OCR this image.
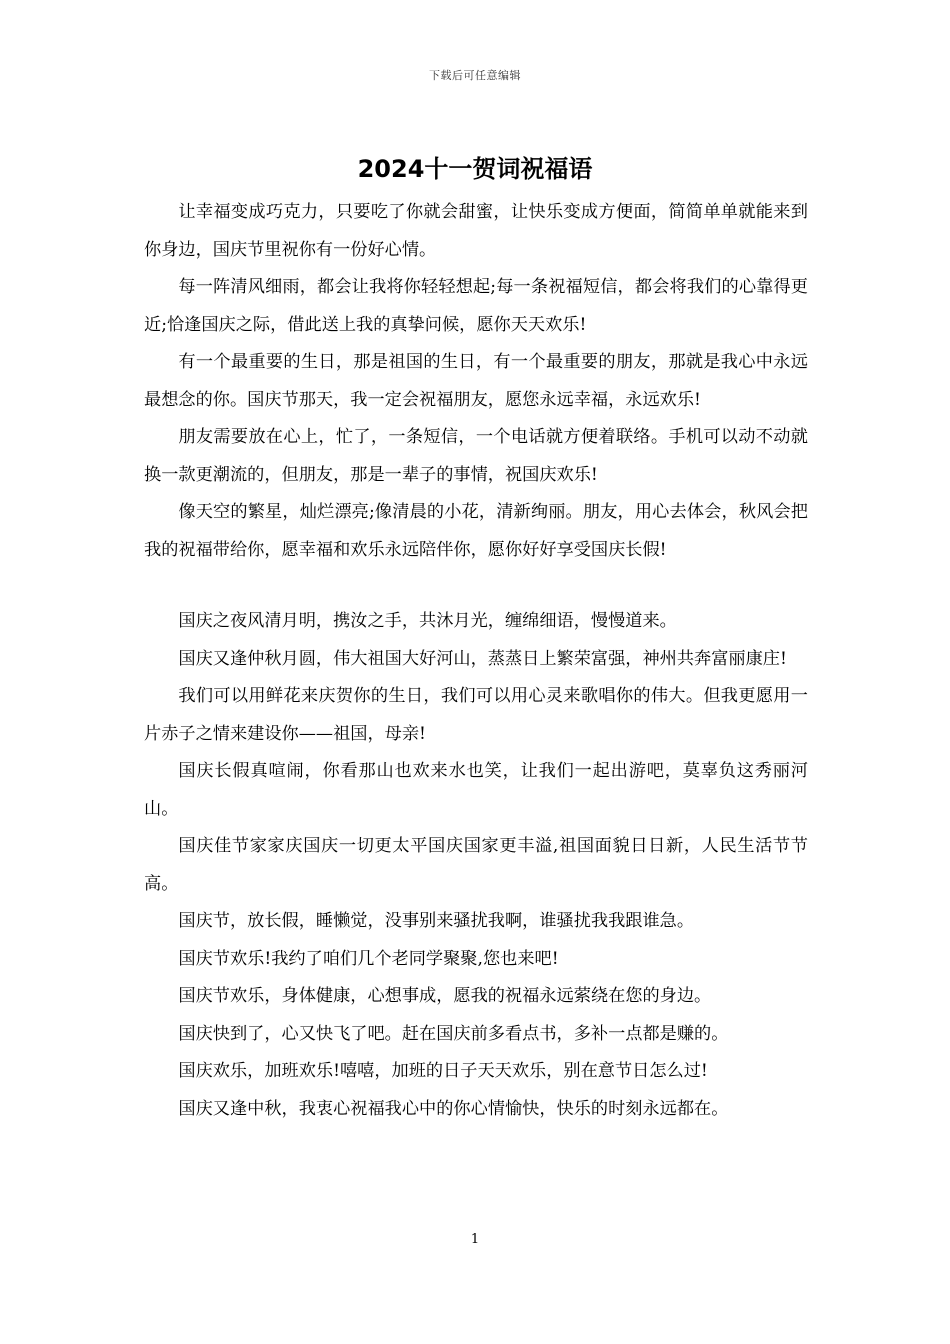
下载后可任意编辑
2024十一贺词祝福语

让幸福变成巧克力，只要吃了你就会甜蜜，让快乐变成方便面，简简单单就能来到你身边，国庆节里祝你有一份好心情。

每一阵清风细雨，都会让我将你轻轻想起;每一条祝福短信，都会将我们的心靠得更近;恰逢国庆之际，借此送上我的真挚问候，愿你天天欢乐!

有一个最重要的生日，那是祖国的生日，有一个最重要的朋友，那就是我心中永远最想念的你。国庆节那天，我一定会祝福朋友，愿您永远幸福，永远欢乐!

朋友需要放在心上，忙了，一条短信，一个电话就方便着联络。手机可以动不动就换一款更潮流的，但朋友，那是一辈子的事情，祝国庆欢乐!

像天空的繁星，灿烂漂亮;像清晨的小花，清新绚丽。朋友，用心去体会，秋风会把我的祝福带给你，愿幸福和欢乐永远陪伴你，愿你好好享受国庆长假!

国庆之夜风清月明，携汝之手，共沐月光，缠绵细语，慢慢道来。

国庆又逢仲秋月圆，伟大祖国大好河山，蒸蒸日上繁荣富强，神州共奔富丽康庄!

我们可以用鲜花来庆贺你的生日，我们可以用心灵来歌唱你的伟大。但我更愿用一片赤子之情来建设你——祖国，母亲!

国庆长假真喧闹，你看那山也欢来水也笑，让我们一起出游吧，莫辜负这秀丽河山。

国庆佳节家家庆国庆一切更太平国庆国家更丰溢,祖国面貌日日新，人民生活节节高。

国庆节，放长假，睡懒觉，没事别来骚扰我啊，谁骚扰我我跟谁急。

国庆节欢乐!我约了咱们几个老同学聚聚,您也来吧!

国庆节欢乐，身体健康，心想事成，愿我的祝福永远萦绕在您的身边。

国庆快到了，心又快飞了吧。赶在国庆前多看点书，多补一点都是赚的。

国庆欢乐，加班欢乐!嘻嘻，加班的日子天天欢乐，别在意节日怎么过!

国庆又逢中秋，我衷心祝福我心中的你心情愉快，快乐的时刻永远都在。

1
